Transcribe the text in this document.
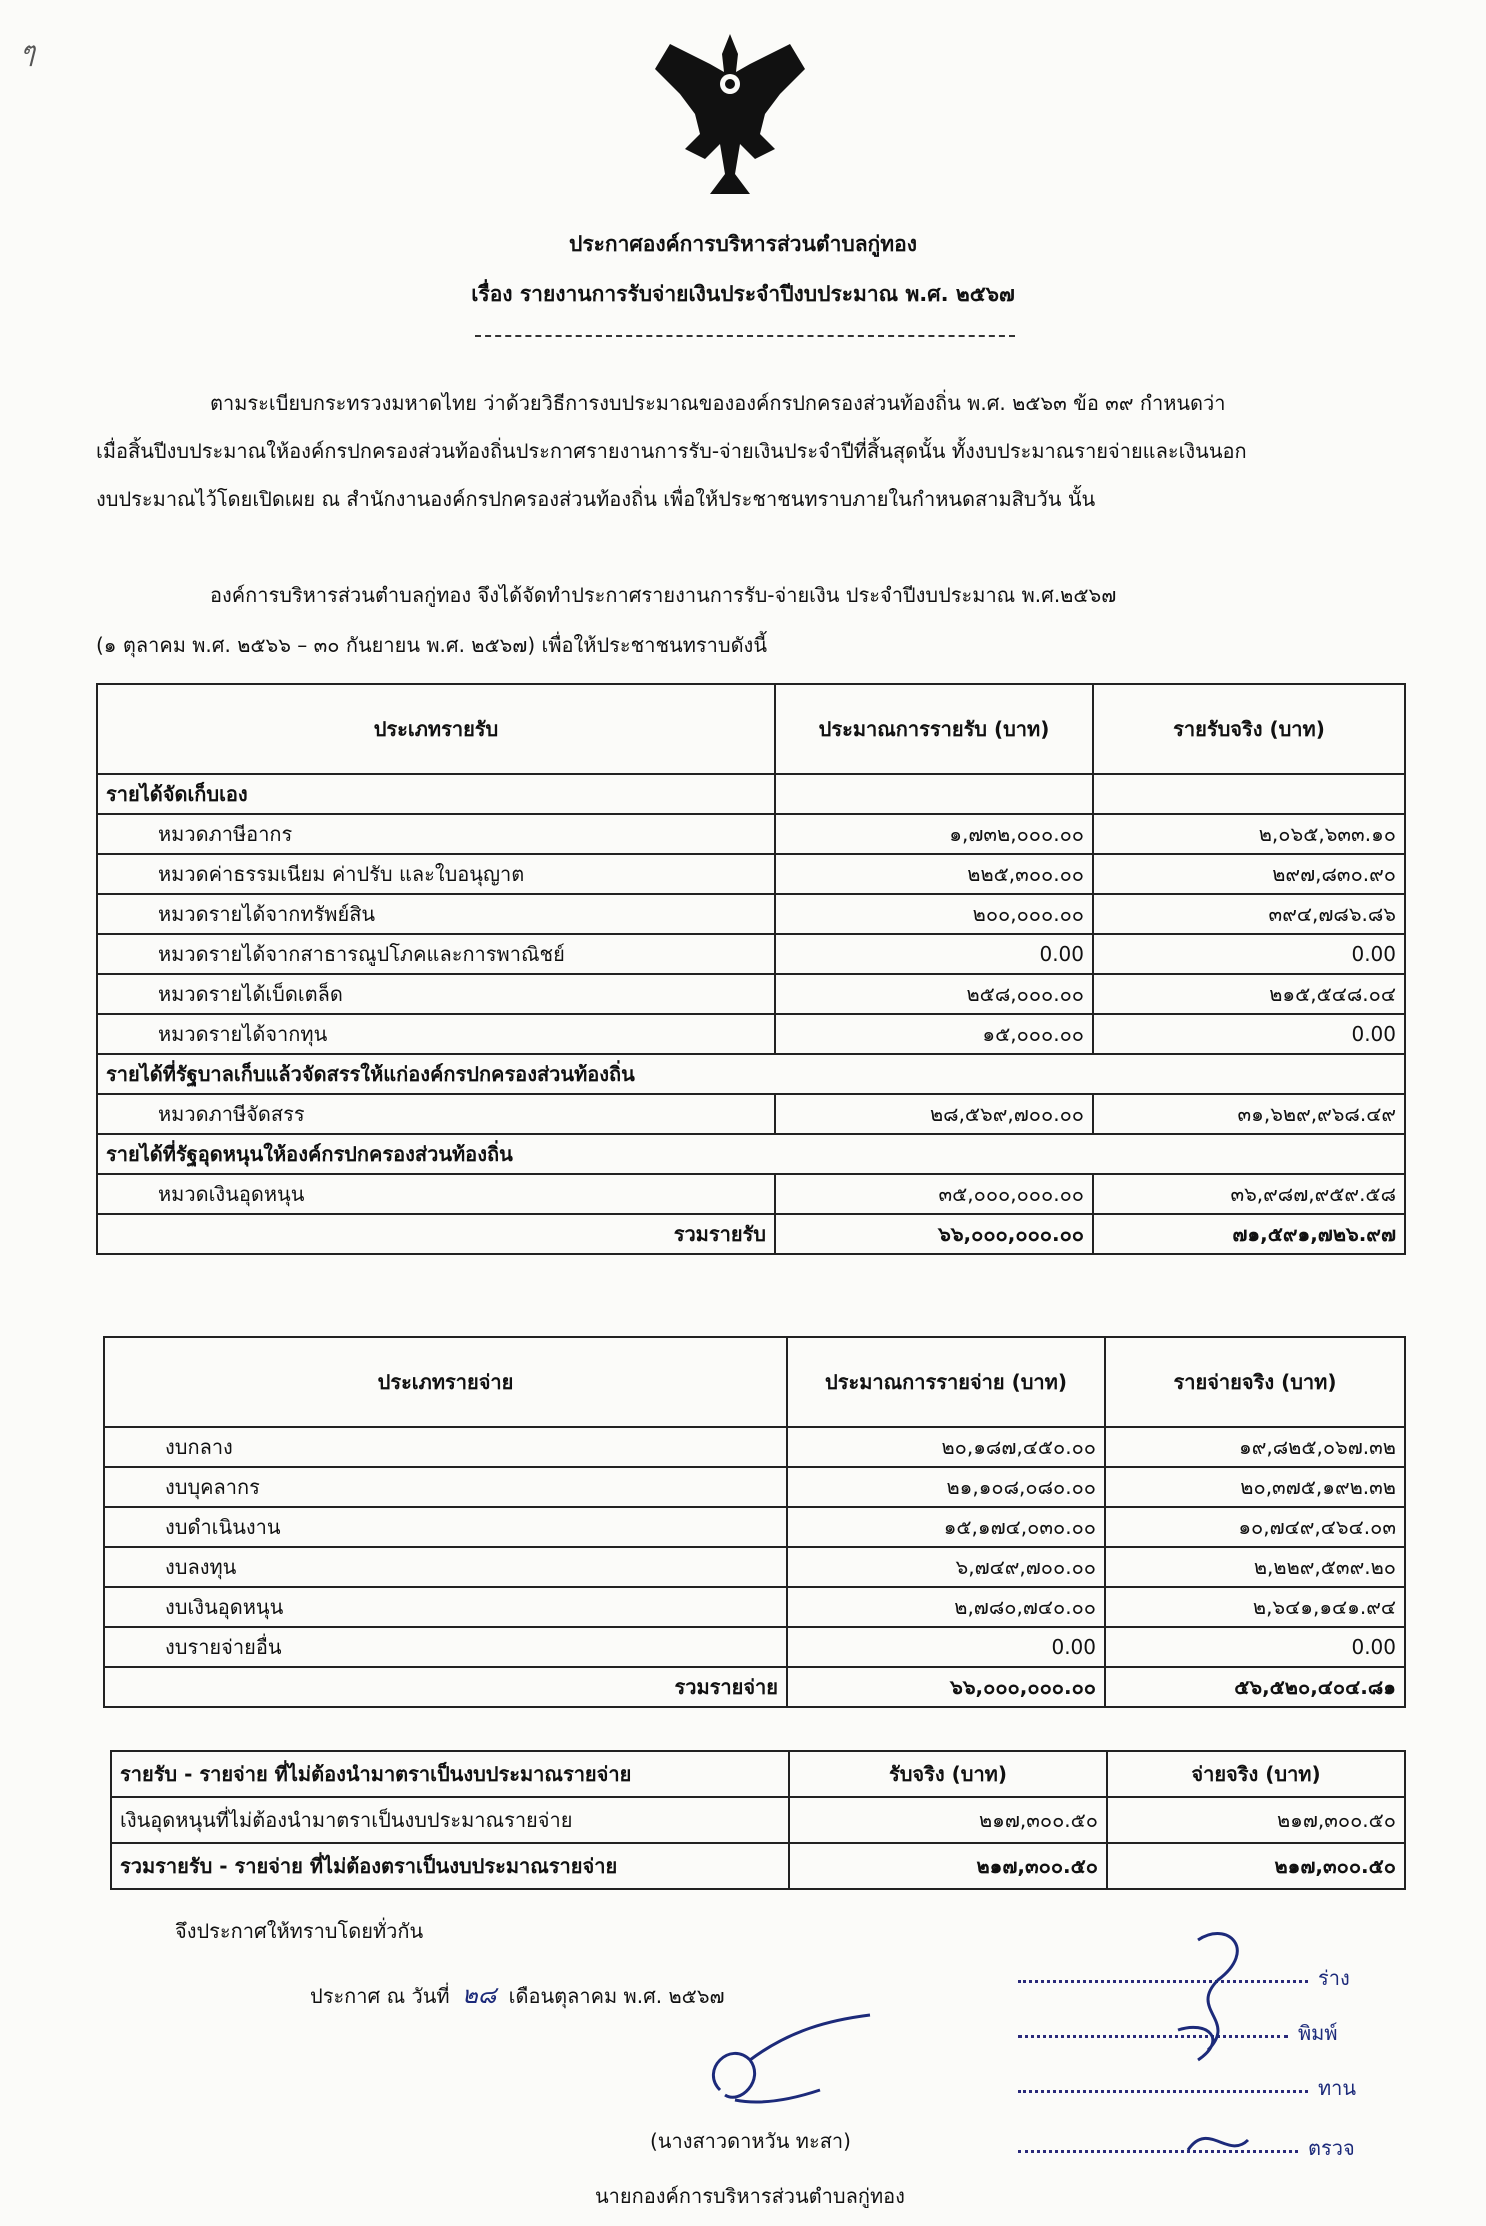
ๆ
ประกาศองค์การบริหารส่วนตำบลกู่ทอง
เรื่อง รายงานการรับจ่ายเงินประจำปีงบประมาณ พ.ศ. ๒๕๖๗
ตามระเบียบกระทรวงมหาดไทย ว่าด้วยวิธีการงบประมาณขององค์กรปกครองส่วนท้องถิ่น พ.ศ. ๒๕๖๓ ข้อ ๓๙ กำหนดว่า
เมื่อสิ้นปีงบประมาณให้องค์กรปกครองส่วนท้องถิ่นประกาศรายงานการรับ-จ่ายเงินประจำปีที่สิ้นสุดนั้น ทั้งงบประมาณรายจ่ายและเงินนอก
งบประมาณไว้โดยเปิดเผย ณ สำนักงานองค์กรปกครองส่วนท้องถิ่น เพื่อให้ประชาชนทราบภายในกำหนดสามสิบวัน นั้น
องค์การบริหารส่วนตำบลกู่ทอง จึงได้จัดทำประกาศรายงานการรับ-จ่ายเงิน ประจำปีงบประมาณ พ.ศ.๒๕๖๗
(๑ ตุลาคม พ.ศ. ๒๕๖๖ – ๓๐ กันยายน พ.ศ. ๒๕๖๗) เพื่อให้ประชาชนทราบดังนี้
ประเภทรายรับ	ประมาณการรายรับ (บาท)	รายรับจริง (บาท)
รายได้จัดเก็บเอง		
หมวดภาษีอากร	๑,๗๓๒,๐๐๐.๐๐	๒,๐๖๕,๖๓๓.๑๐
หมวดค่าธรรมเนียม ค่าปรับ และใบอนุญาต	๒๒๕,๓๐๐.๐๐	๒๙๗,๘๓๐.๙๐
หมวดรายได้จากทรัพย์สิน	๒๐๐,๐๐๐.๐๐	๓๙๔,๗๘๖.๘๖
หมวดรายได้จากสาธารณูปโภคและการพาณิชย์	0.00	0.00
หมวดรายได้เบ็ดเตล็ด	๒๕๘,๐๐๐.๐๐	๒๑๕,๕๔๘.๐๔
หมวดรายได้จากทุน	๑๕,๐๐๐.๐๐	0.00
รายได้ที่รัฐบาลเก็บแล้วจัดสรรให้แก่องค์กรปกครองส่วนท้องถิ่น		
หมวดภาษีจัดสรร	๒๘,๕๖๙,๗๐๐.๐๐	๓๑,๖๒๙,๙๖๘.๔๙
รายได้ที่รัฐอุดหนุนให้องค์กรปกครองส่วนท้องถิ่น		
หมวดเงินอุดหนุน	๓๕,๐๐๐,๐๐๐.๐๐	๓๖,๙๘๗,๙๕๙.๕๘
รวมรายรับ	๖๖,๐๐๐,๐๐๐.๐๐	๗๑,๕๙๑,๗๒๖.๙๗
ประเภทรายจ่าย	ประมาณการรายจ่าย (บาท)	รายจ่ายจริง (บาท)
งบกลาง	๒๐,๑๘๗,๔๕๐.๐๐	๑๙,๘๒๕,๐๖๗.๓๒
งบบุคลากร	๒๑,๑๐๘,๐๘๐.๐๐	๒๐,๓๗๕,๑๙๒.๓๒
งบดำเนินงาน	๑๕,๑๗๔,๐๓๐.๐๐	๑๐,๗๔๙,๔๖๔.๐๓
งบลงทุน	๖,๗๔๙,๗๐๐.๐๐	๒,๒๒๙,๕๓๙.๒๐
งบเงินอุดหนุน	๒,๗๘๐,๗๔๐.๐๐	๒,๖๔๑,๑๔๑.๙๔
งบรายจ่ายอื่น	0.00	0.00
รวมรายจ่าย	๖๖,๐๐๐,๐๐๐.๐๐	๕๖,๕๒๐,๔๐๔.๘๑
รายรับ - รายจ่าย ที่ไม่ต้องนำมาตราเป็นงบประมาณรายจ่าย	รับจริง (บาท)	จ่ายจริง (บาท)
เงินอุดหนุนที่ไม่ต้องนำมาตราเป็นงบประมาณรายจ่าย	๒๑๗,๓๐๐.๕๐	๒๑๗,๓๐๐.๕๐
รวมรายรับ - รายจ่าย ที่ไม่ต้องตราเป็นงบประมาณรายจ่าย	๒๑๗,๓๐๐.๕๐	๒๑๗,๓๐๐.๕๐
จึงประกาศให้ทราบโดยทั่วกัน
ประกาศ ณ วันที่ ๒๘ เดือนตุลาคม พ.ศ. ๒๕๖๗
(นางสาวดาหวัน ทะสา)
นายกองค์การบริหารส่วนตำบลกู่ทอง
ร่าง
พิมพ์
ทาน
ตรวจ
